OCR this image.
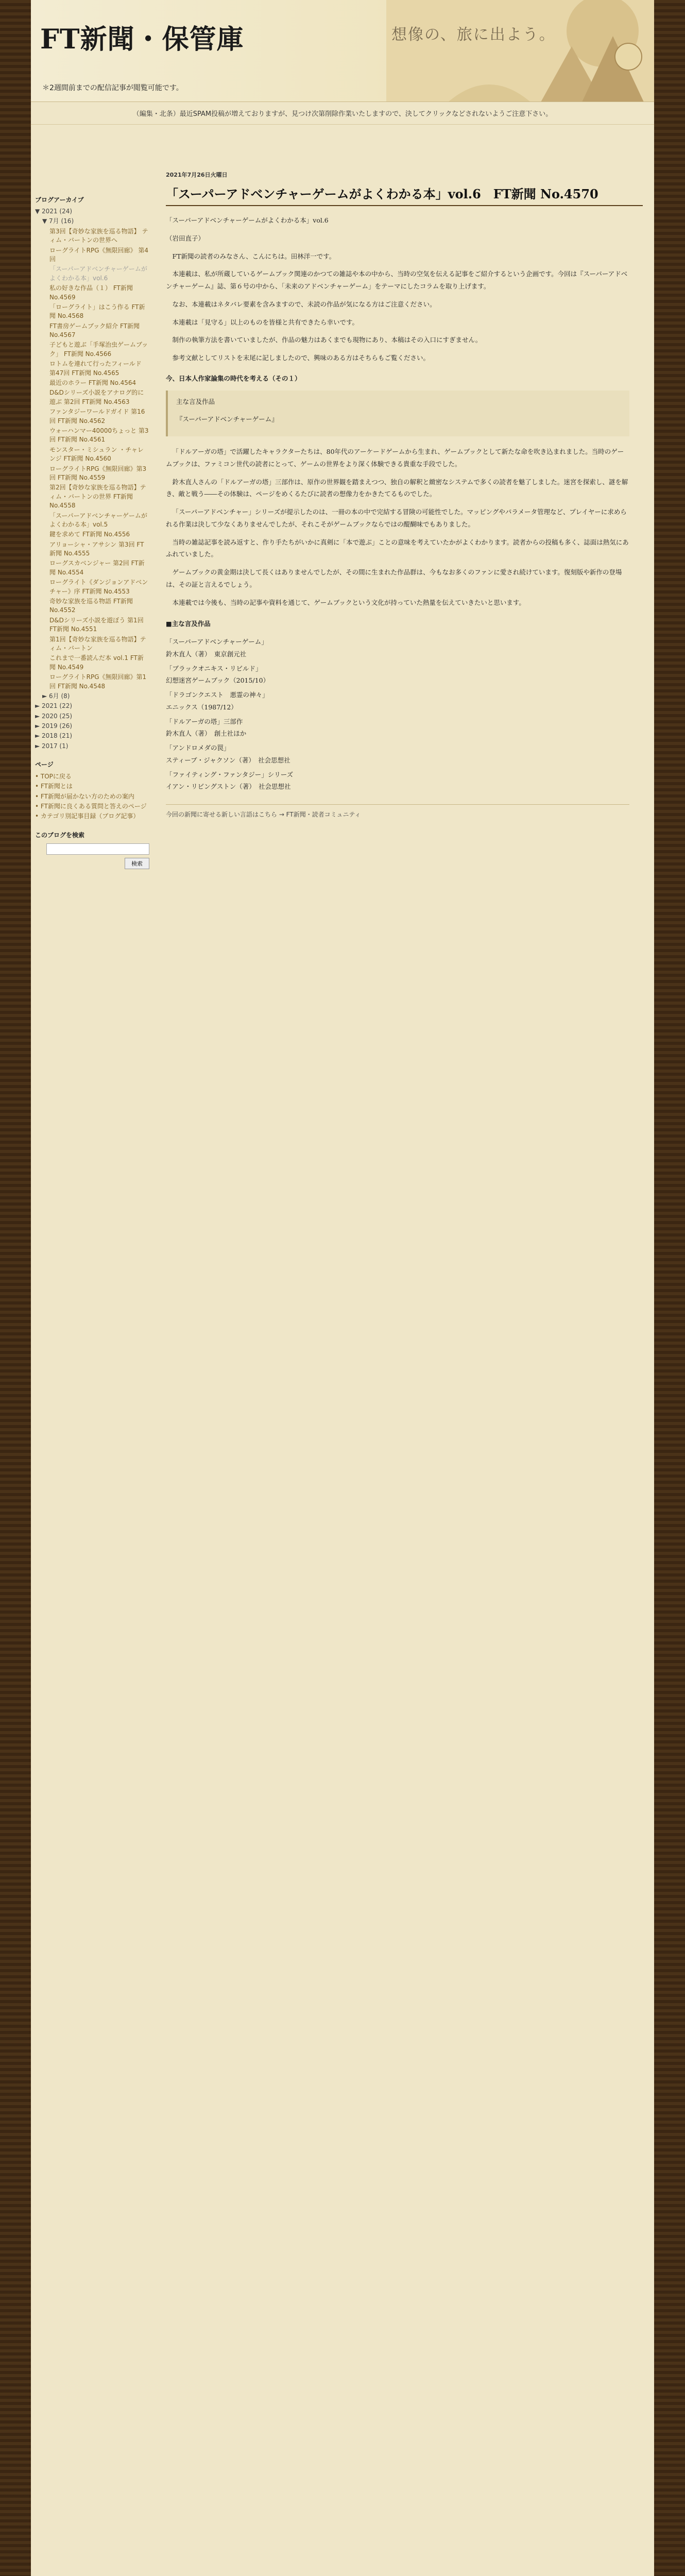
FT新聞・保管庫	想像の、旅に出よう。
＊2週間前までの配信記事が閲覧可能です。
（編集・北条）最近SPAM投稿が増えておりますが、見つけ次第削除作業いたしますので、決してクリックなどされないようご注意下さい。
ブログアーカイブ
▼ 2021 (24)
▼ 7月 (16)
第3回【奇妙な家族を巡る物語】 ティム・バートンの世界へ
ローグライトRPG《無限回廊》 第4回
「スーパーアドベンチャーゲームがよくわかる本」vol.6
私の好きな作品（１） FT新聞 No.4569
「ローグライト」はこう作る FT新聞 No.4568
FT書房ゲームブック紹介 FT新聞 No.4567
子どもと遊ぶ「手塚治虫ゲームブック」 FT新聞 No.4566
ロトムを連れて行ったフィールド 第47回 FT新聞 No.4565
最近のホラー FT新聞 No.4564
D&Dシリーズ小説をアナログ的に遊ぶ 第2回 FT新聞 No.4563
ファンタジーワールドガイド 第16回 FT新聞 No.4562
ウォーハンマー40000ちょっと 第3回 FT新聞 No.4561
モンスター・ミシュラン ・チャレンジ FT新聞 No.4560
ローグライトRPG《無限回廊》第3回 FT新聞 No.4559
第2回【奇妙な家族を巡る物語】ティム・バートンの世界 FT新聞 No.4558
「スーパーアドベンチャーゲームがよくわかる本」vol.5
鍵を求めて FT新聞 No.4556
アリョーシャ・アサシン 第3回 FT新聞 No.4555
ローグスカベンジャー 第2回 FT新聞 No.4554
ローグライト《ダンジョンアドベンチャー》序 FT新聞 No.4553
奇妙な家族を巡る物語 FT新聞 No.4552
D&Dシリーズ小説を遊ぼう 第1回 FT新聞 No.4551
第1回【奇妙な家族を巡る物語】ティム・バートン
これまで一番読んだ本 vol.1 FT新聞 No.4549
ローグライトRPG《無限回廊》第1回 FT新聞 No.4548
► 6月 (8)
► 2021 (22)
► 2020 (25)
► 2019 (26)
► 2018 (21)
► 2017 (1)
ページ
• TOPに戻る
• FT新聞とは
• FT新聞が届かない方のための案内
• FT新聞に良くある質問と答えのページ
• カテゴリ別記事目録（ブログ記事）
このブログを検索
検索
2021年7月26日火曜日
「スーパーアドベンチャーゲームがよくわかる本」vol.6　FT新聞 No.4570

「スーパーアドベンチャーゲームがよくわかる本」vol.6

（岩田直子）

FT新聞の読者のみなさん、こんにちは。田林洋一です。

本連載は、私が所蔵しているゲームブック関連のかつての雑誌や本の中から、当時の空気を伝える記事をご紹介するという企画です。今回は『スーパーアドベンチャーゲーム』誌、第６号の中から、「未来のアドベンチャーゲーム」をテーマにしたコラムを取り上げます。

なお、本連載はネタバレ要素を含みますので、未読の作品が気になる方はご注意ください。

本連載は「見守る」以上のものを皆様と共有できたら幸いです。

制作の執筆方法を書いていましたが、作品の魅力はあくまでも現物にあり、本稿はその入口にすぎません。

参考文献としてリストを末尾に記しましたので、興味のある方はそちらもご覧ください。

今、日本人作家論集の時代を考える（その１）

主な言及作品

『スーパーアドベンチャーゲーム』

「ドルアーガの塔」で活躍したキャラクターたちは、80年代のアーケードゲームから生まれ、ゲームブックとして新たな命を吹き込まれました。当時のゲームブックは、ファミコン世代の読者にとって、ゲームの世界をより深く体験できる貴重な手段でした。

鈴木直人さんの「ドルアーガの塔」三部作は、原作の世界観を踏まえつつ、独自の解釈と緻密なシステムで多くの読者を魅了しました。迷宮を探索し、謎を解き、敵と戦う――その体験は、ページをめくるたびに読者の想像力をかきたてるものでした。

「スーパーアドベンチャー」シリーズが提示したのは、一冊の本の中で完結する冒険の可能性でした。マッピングやパラメータ管理など、プレイヤーに求められる作業は決して少なくありませんでしたが、それこそがゲームブックならではの醍醐味でもありました。

当時の雑誌記事を読み返すと、作り手たちがいかに真剣に「本で遊ぶ」ことの意味を考えていたかがよくわかります。読者からの投稿も多く、誌面は熱気にあふれていました。

ゲームブックの黄金期は決して長くはありませんでしたが、その間に生まれた作品群は、今もなお多くのファンに愛され続けています。復刻版や新作の登場は、その証と言えるでしょう。

本連載では今後も、当時の記事や資料を通じて、ゲームブックという文化が持っていた熱量を伝えていきたいと思います。

■主な言及作品

「スーパーアドベンチャーゲーム」
鈴木直人（著）　東京創元社
「ブラックオニキス・リビルド」
幻想迷宮ゲームブック（2015/10）
「ドラゴンクエスト　悪霊の神々」
エニックス（1987/12）
「ドルアーガの塔」三部作
鈴木直人（著）　創土社ほか
「アンドロメダの罠」
スティーブ・ジャクソン（著）　社会思想社
「ファイティング・ファンタジー」シリーズ
イアン・リビングストン（著）　社会思想社
今回の新聞に寄せる新しい言語はこちら → FT新聞・読者コミュニティ
